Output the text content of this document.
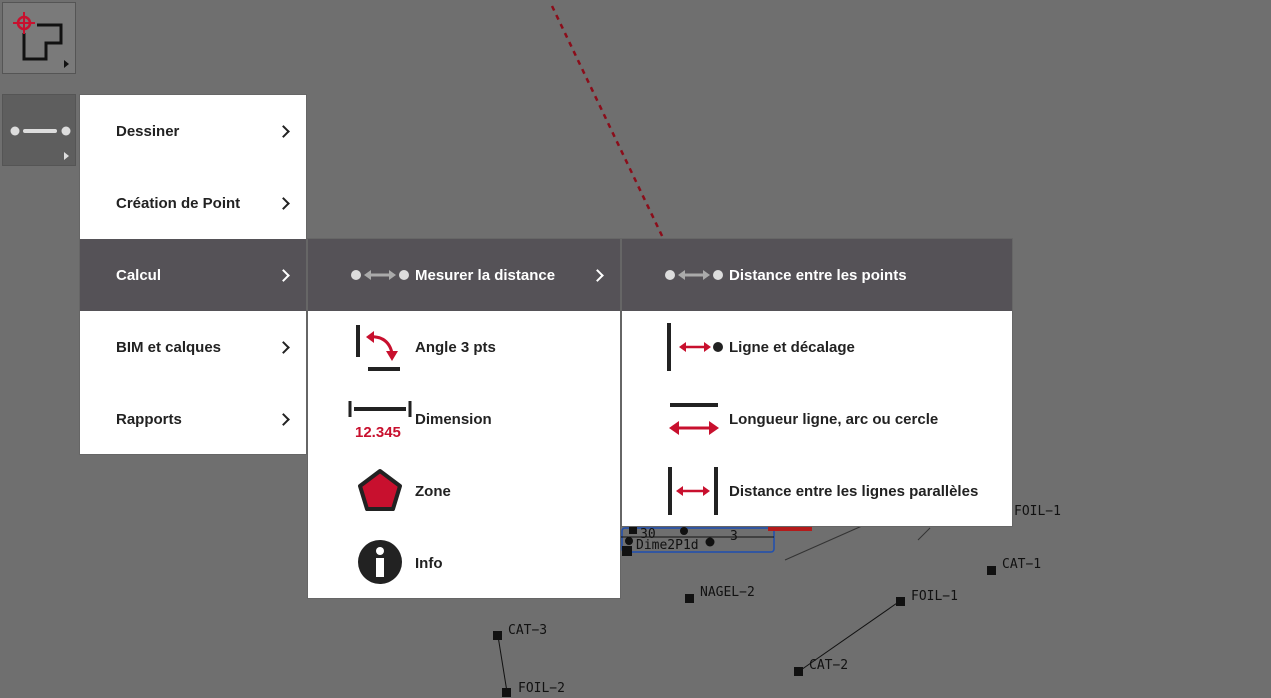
30	3
Dime2P1d
NAGEL−2	FOIL−1
FOIL−1
CAT−1
CAT−2
CAT−3
FOIL−2
Dessiner
Création de Point
Calcul
BIM et calques
Rapports
Mesurer la distance
Angle 3 pts
12.345
Dimension
Zone
Info
Distance entre les points
Ligne et décalage
Longueur ligne, arc ou cercle
Distance entre les lignes parallèles
